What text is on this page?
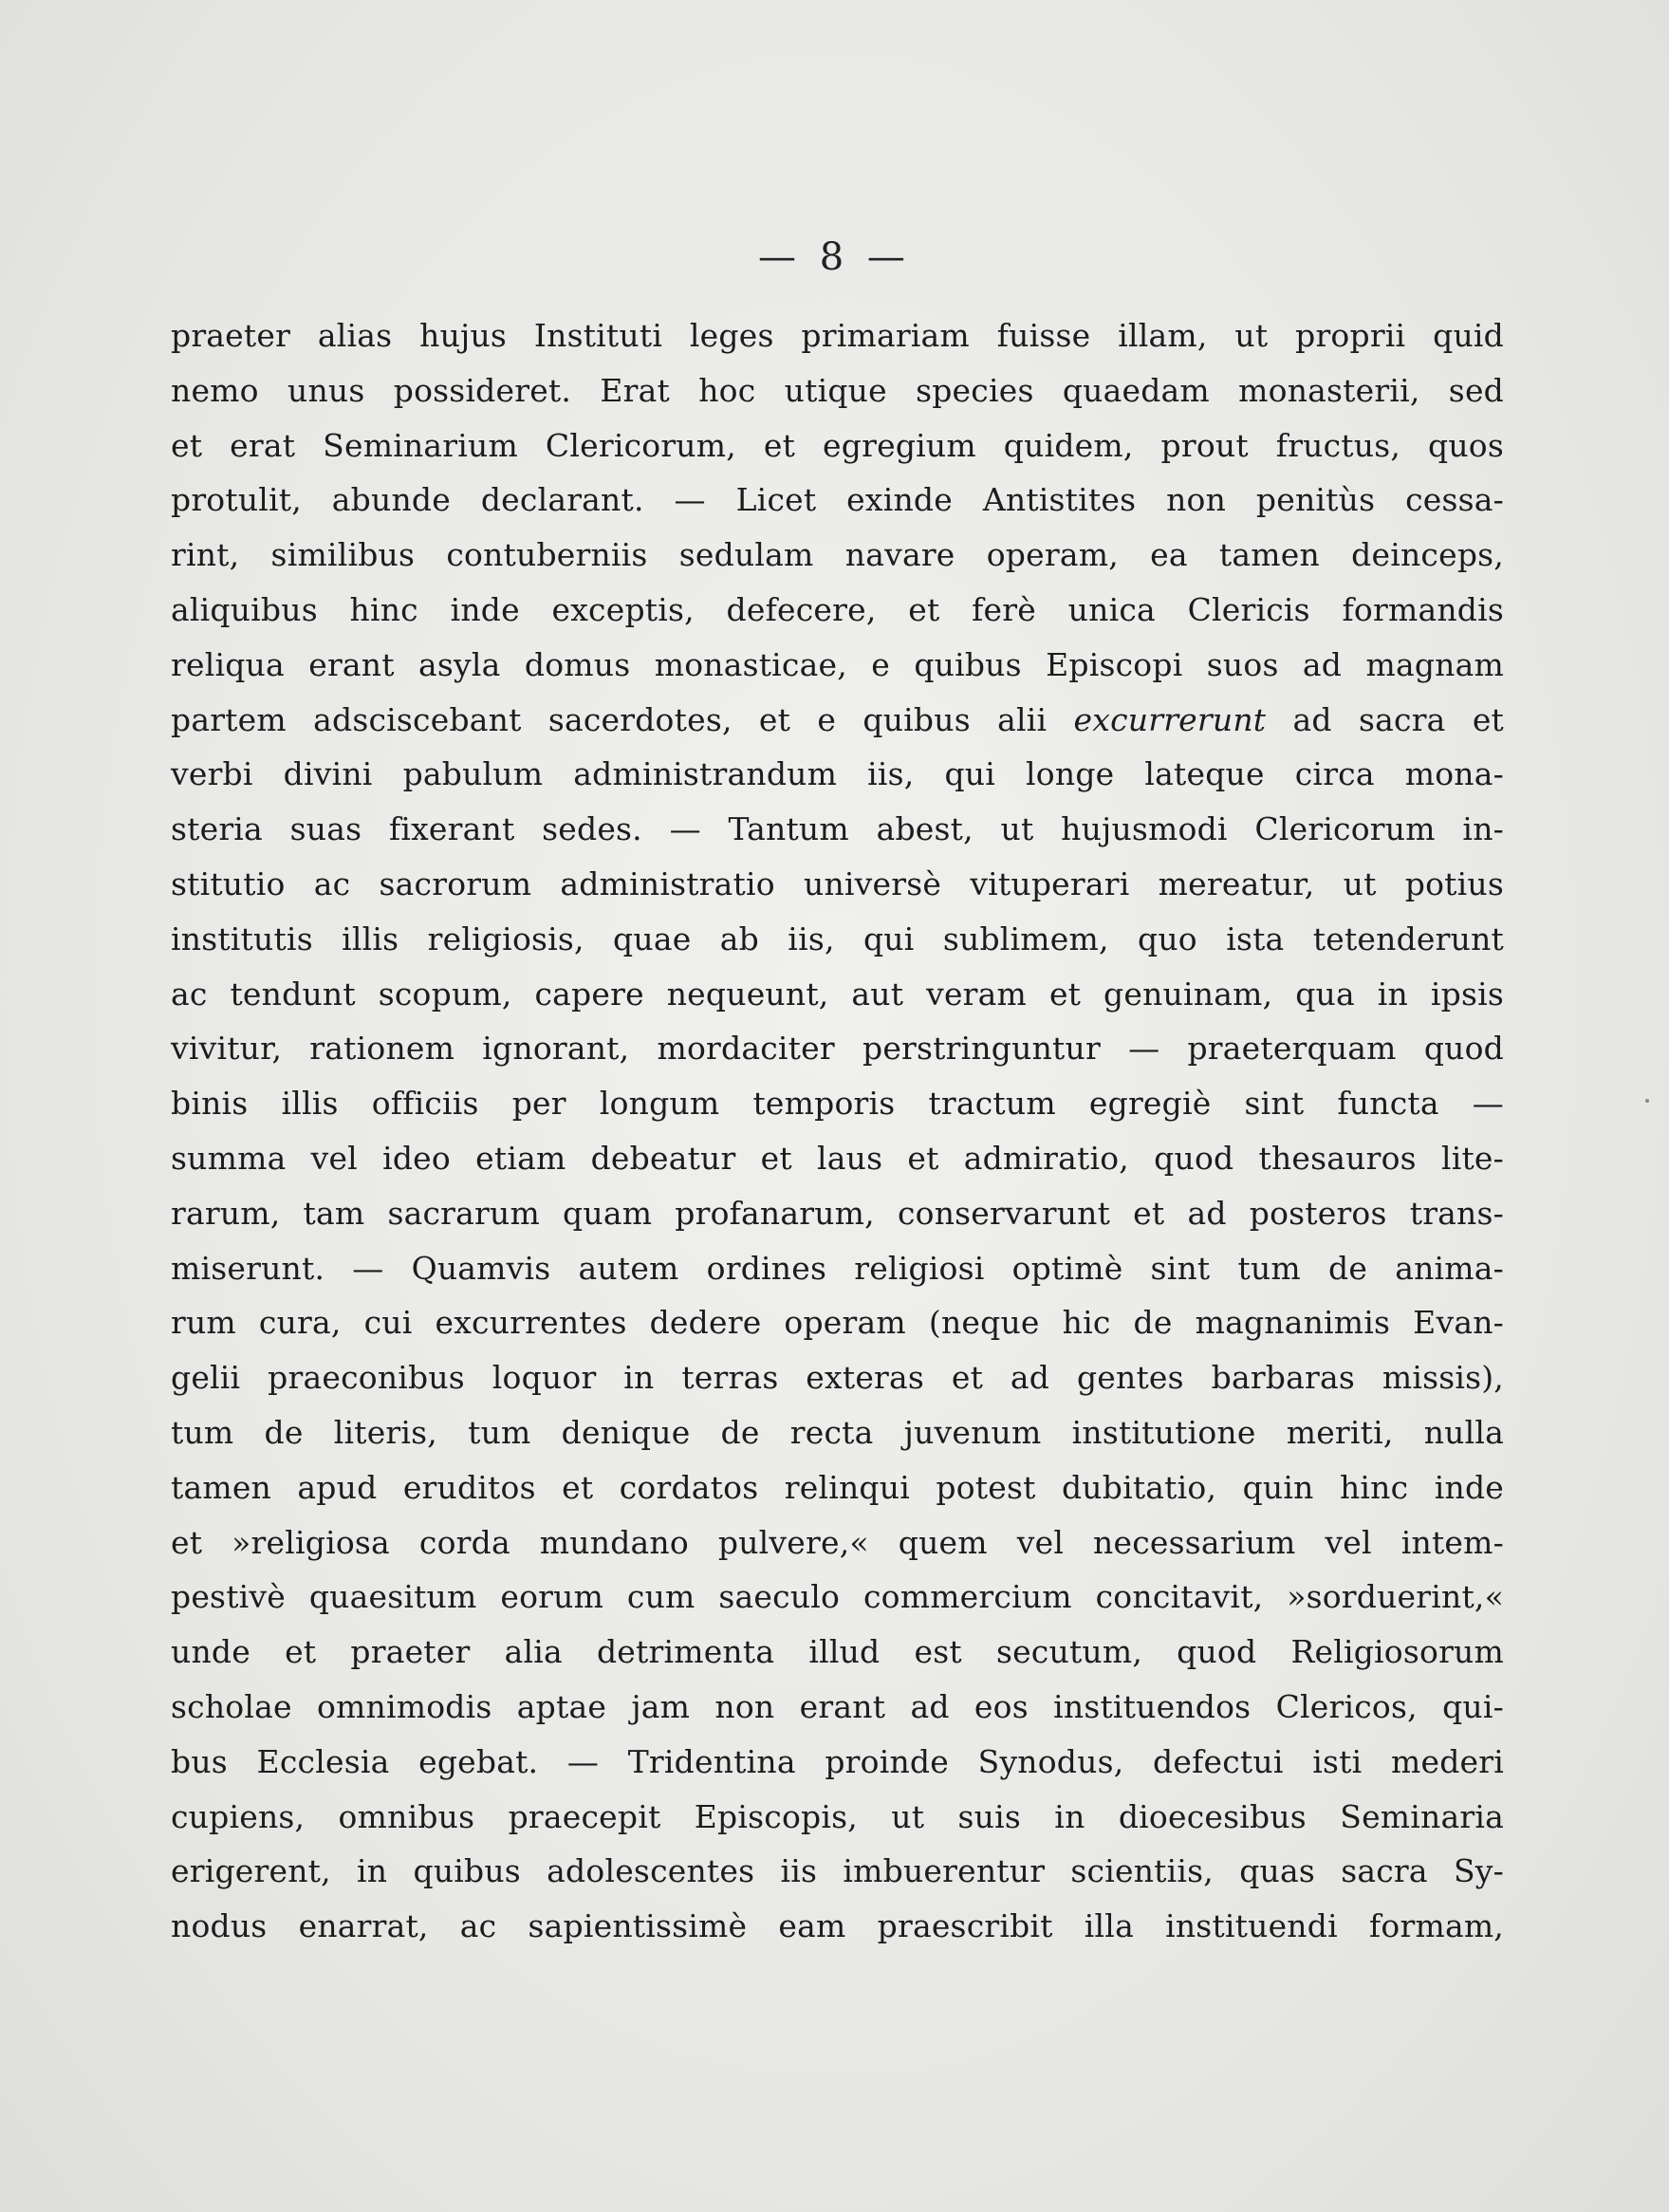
— 8 —
praeter alias hujus Instituti leges primariam fuisse illam, ut proprii quid
nemo unus possideret. Erat hoc utique species quaedam monasterii, sed
et erat Seminarium Clericorum, et egregium quidem, prout fructus, quos
protulit, abunde declarant. — Licet exinde Antistites non penitùs cessa-
rint, similibus contuberniis sedulam navare operam, ea tamen deinceps,
aliquibus hinc inde exceptis, defecere, et ferè unica Clericis formandis
reliqua erant asyla domus monasticae, e quibus Episcopi suos ad magnam
partem adsciscebant sacerdotes, et e quibus alii excurrerunt ad sacra et
verbi divini pabulum administrandum iis, qui longe lateque circa mona-
steria suas fixerant sedes. — Tantum abest, ut hujusmodi Clericorum in-
stitutio ac sacrorum administratio universè vituperari mereatur, ut potius
institutis illis religiosis, quae ab iis, qui sublimem, quo ista tetenderunt
ac tendunt scopum, capere nequeunt, aut veram et genuinam, qua in ipsis
vivitur, rationem ignorant, mordaciter perstringuntur — praeterquam quod
binis illis officiis per longum temporis tractum egregiè sint functa —
summa vel ideo etiam debeatur et laus et admiratio, quod thesauros lite-
rarum, tam sacrarum quam profanarum, conservarunt et ad posteros trans-
miserunt. — Quamvis autem ordines religiosi optimè sint tum de anima-
rum cura, cui excurrentes dedere operam (neque hic de magnanimis Evan-
gelii praeconibus loquor in terras exteras et ad gentes barbaras missis),
tum de literis, tum denique de recta juvenum institutione meriti, nulla
tamen apud eruditos et cordatos relinqui potest dubitatio, quin hinc inde
et »religiosa corda mundano pulvere,« quem vel necessarium vel intem-
pestivè quaesitum eorum cum saeculo commercium concitavit, »sorduerint,«
unde et praeter alia detrimenta illud est secutum, quod Religiosorum
scholae omnimodis aptae jam non erant ad eos instituendos Clericos, qui-
bus Ecclesia egebat. — Tridentina proinde Synodus, defectui isti mederi
cupiens, omnibus praecepit Episcopis, ut suis in dioecesibus Seminaria
erigerent, in quibus adolescentes iis imbuerentur scientiis, quas sacra Sy-
nodus enarrat, ac sapientissimè eam praescribit illa instituendi formam,
